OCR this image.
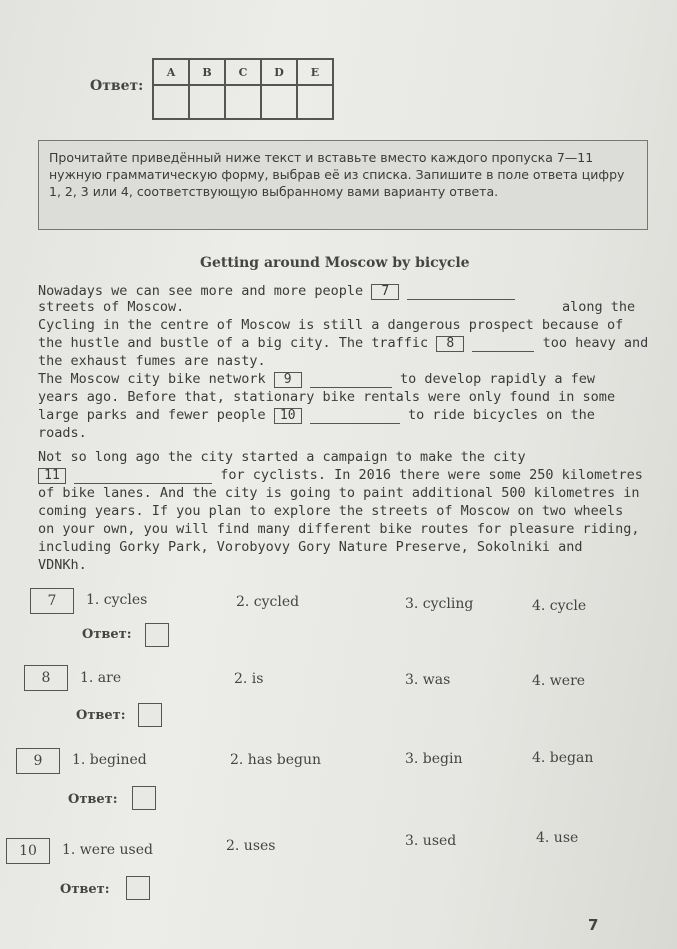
Ответ:
A	B	C	D	E

Прочитайте приведённый ниже текст и вставьте вместо каждого пропуска 7—11 нужную грамматическую форму, выбрав её из списка. Запишите в поле ответа цифру 1, 2, 3 или 4, соответствующую выбранному вами варианту ответа.
Getting around Moscow by bicycle
Nowadays we can see more and more people 7
along the
streets of Moscow.
Cycling in the centre of Moscow is still a dangerous prospect because of
the hustle and bustle of a big city. The traffic 8	too heavy and
the exhaust fumes are nasty.
The Moscow city bike network 9	to develop rapidly a few
years ago. Before that, stationary bike rentals were only found in some
large parks and fewer people 10	to ride bicycles on the
roads.
Not so long ago the city started a campaign to make the city
11	for cyclists. In 2016 there were some 250 kilometres
of bike lanes. And the city is going to paint additional 500 kilometres in
coming years. If you plan to explore the streets of Moscow on two wheels
on your own, you will find many different bike routes for pleasure riding,
including Gorky Park, Vorobyovy Gory Nature Preserve, Sokolniki and
VDNKh.
7	1. cycles	2. cycled	3. cycling	4. cycle
Ответ:
8	1. are	2. is	3. was	4. were
Ответ:
9	1. begined	2. has begun	3. begin	4. began
Ответ:
10	1. were used	2. uses	3. used	4. use
Ответ:
7
